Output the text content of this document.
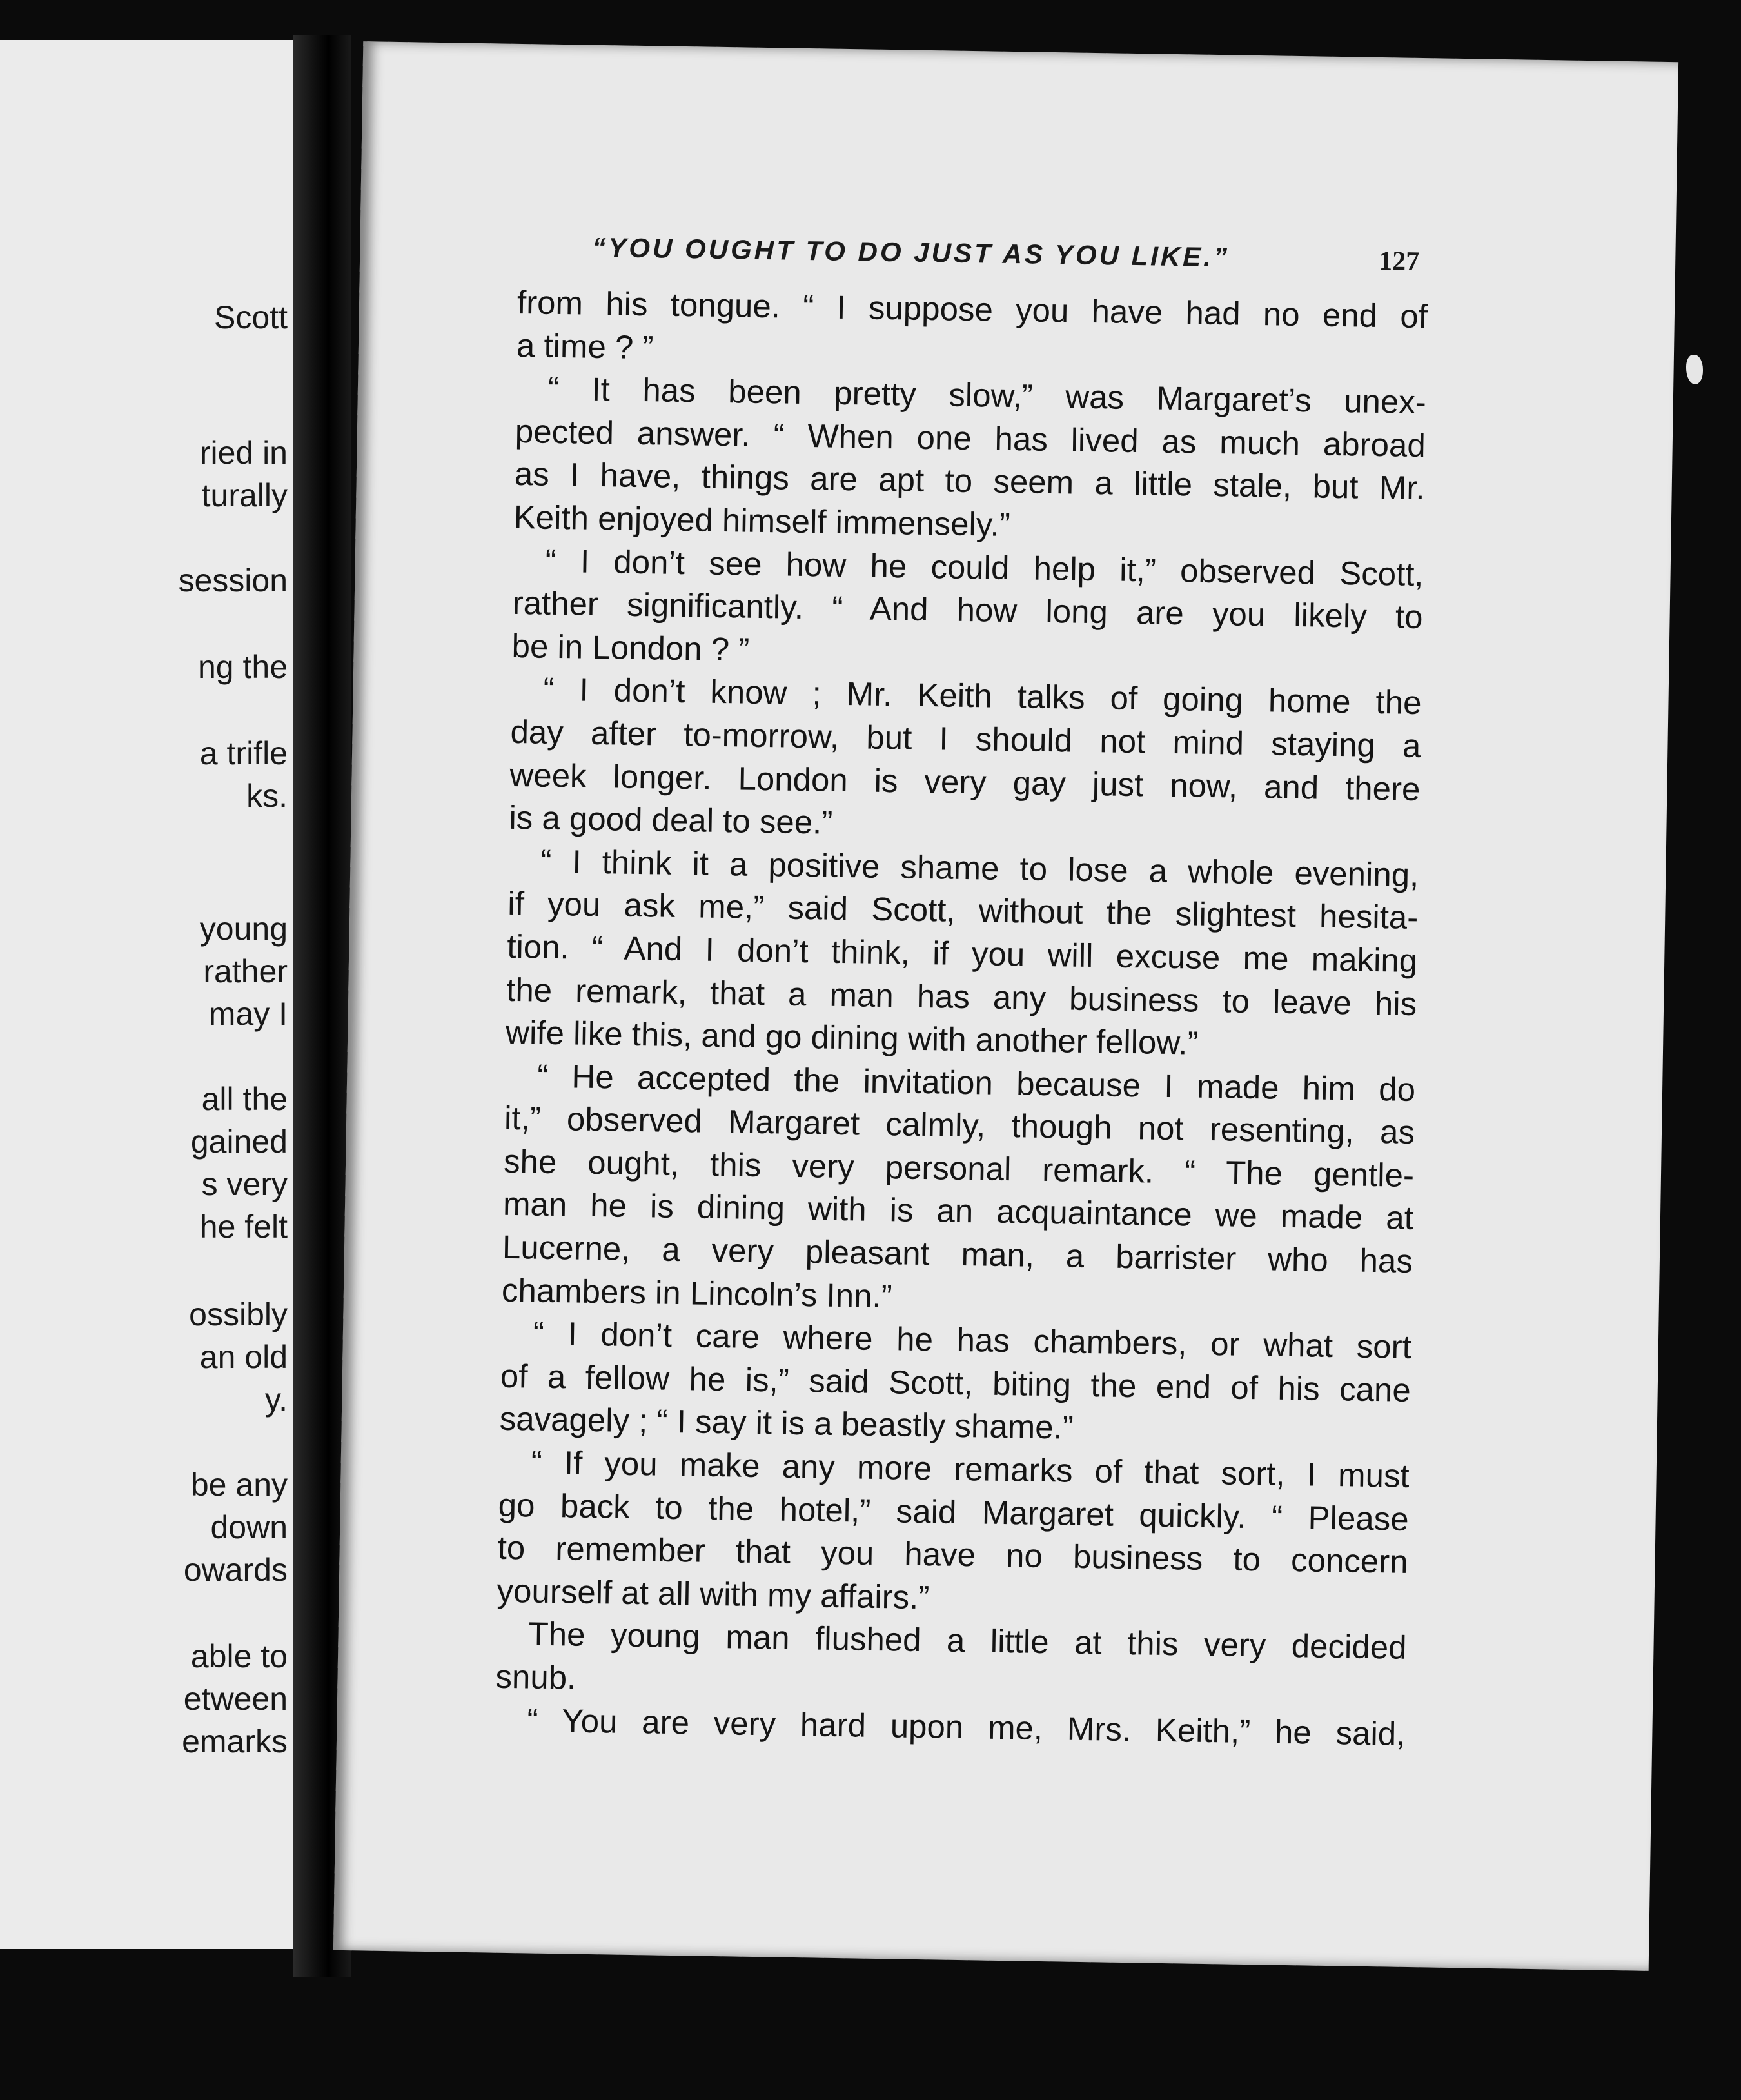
Scott
ried in
turally
session
ng the
a trifle
ks.
young
rather
may I
all the
gained
s very
he felt
ossibly
an old
y.
be any
down
owards
able to
etween
emarks
“YOU OUGHT TO DO JUST AS YOU LIKE.”	127
from his tongue. “ I suppose you have had no end of
a time ? ”
“ It has been pretty slow,” was Margaret’s unex-
pected answer. “ When one has lived as much abroad
as I have, things are apt to seem a little stale, but Mr.
Keith enjoyed himself immensely.”
“ I don’t see how he could help it,” observed Scott,
rather significantly. “ And how long are you likely to
be in London ? ”
“ I don’t know ; Mr. Keith talks of going home the
day after to-morrow, but I should not mind staying a
week longer. London is very gay just now, and there
is a good deal to see.”
“ I think it a positive shame to lose a whole evening,
if you ask me,” said Scott, without the slightest hesita-
tion. “ And I don’t think, if you will excuse me making
the remark, that a man has any business to leave his
wife like this, and go dining with another fellow.”
“ He accepted the invitation because I made him do
it,” observed Margaret calmly, though not resenting, as
she ought, this very personal remark. “ The gentle-
man he is dining with is an acquaintance we made at
Lucerne, a very pleasant man, a barrister who has
chambers in Lincoln’s Inn.”
“ I don’t care where he has chambers, or what sort
of a fellow he is,” said Scott, biting the end of his cane
savagely ; “ I say it is a beastly shame.”
“ If you make any more remarks of that sort, I must
go back to the hotel,” said Margaret quickly. “ Please
to remember that you have no business to concern
yourself at all with my affairs.”
The young man flushed a little at this very decided
snub.
“ You are very hard upon me, Mrs. Keith,” he said,
